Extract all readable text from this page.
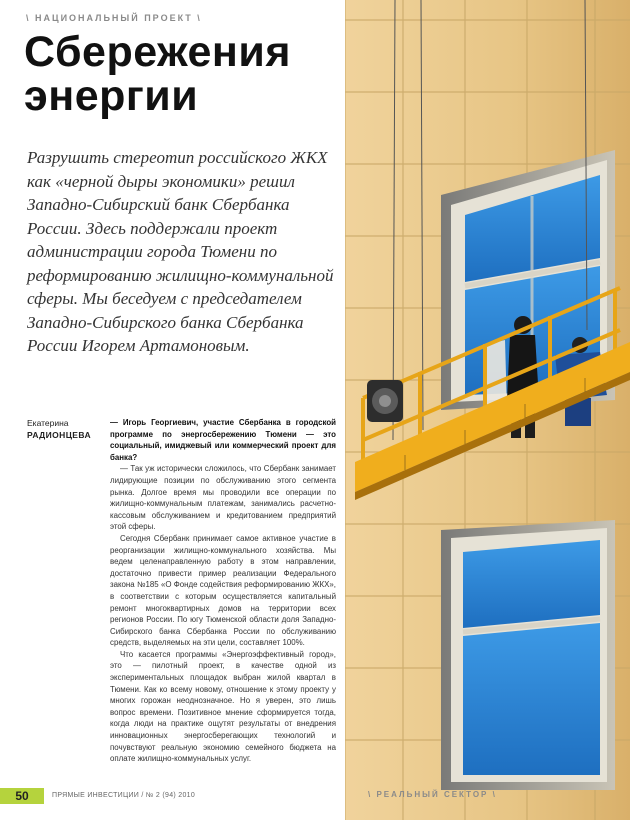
\ НАЦИОНАЛЬНЫЙ ПРОЕКТ \
Сбережения
энергии

Разрушить стереотип российского ЖКХ как «черной дыры экономики» решил Западно-Сибирский банк Сбербанка России. Здесь поддержали проект администрации города Тюмени по реформированию жилищно-коммунальной сферы. Мы беседуем с председателем Западно-Сибирского банка Сбербанка России Игорем Артамоновым.

Екатерина
РАДИОНЦЕВА

— Игорь Георгиевич, участие Сбербанка в городской программе по энергосбережению Тюмени — это социальный, имиджевый или коммерческий проект для банка?

— Так уж исторически сложилось, что Сбербанк занимает лидирующие позиции по обслуживанию этого сегмента рынка. Долгое время мы проводили все операции по жилищно-коммунальным платежам, занимались расчетно-кассовым обслуживанием и кредитованием предприятий этой сферы.

Сегодня Сбербанк принимает самое активное участие в реорганизации жилищно-коммунального хозяйства. Мы ведем целенаправленную работу в этом направлении, достаточно привести пример реализации Федерального закона №185 «О Фонде содействия реформированию ЖКХ», в соответствии с которым осуществляется капитальный ремонт многоквартирных домов на территории всех регионов России. По югу Тюменской области доля Западно-Сибирского банка Сбербанка России по обслуживанию средств, выделяемых на эти цели, составляет 100%.

Что касается программы «Энергоэффективный город», это — пилотный проект, в качестве одной из экспериментальных площадок выбран жилой квартал в Тюмени. Как ко всему новому, отношение к этому проекту у многих горожан неоднозначное. Но я уверен, это лишь вопрос времени. Позитивное мнение сформируется тогда, когда люди на практике ощутят результаты от внедрения инновационных энергосберегающих технологий и почувствуют реальную экономию семейного бюджета на оплате жилищно-коммунальных услуг.

50	ПРЯМЫЕ ИНВЕСТИЦИИ / № 2 (94) 2010	\ РЕАЛЬНЫЙ СЕКТОР \
